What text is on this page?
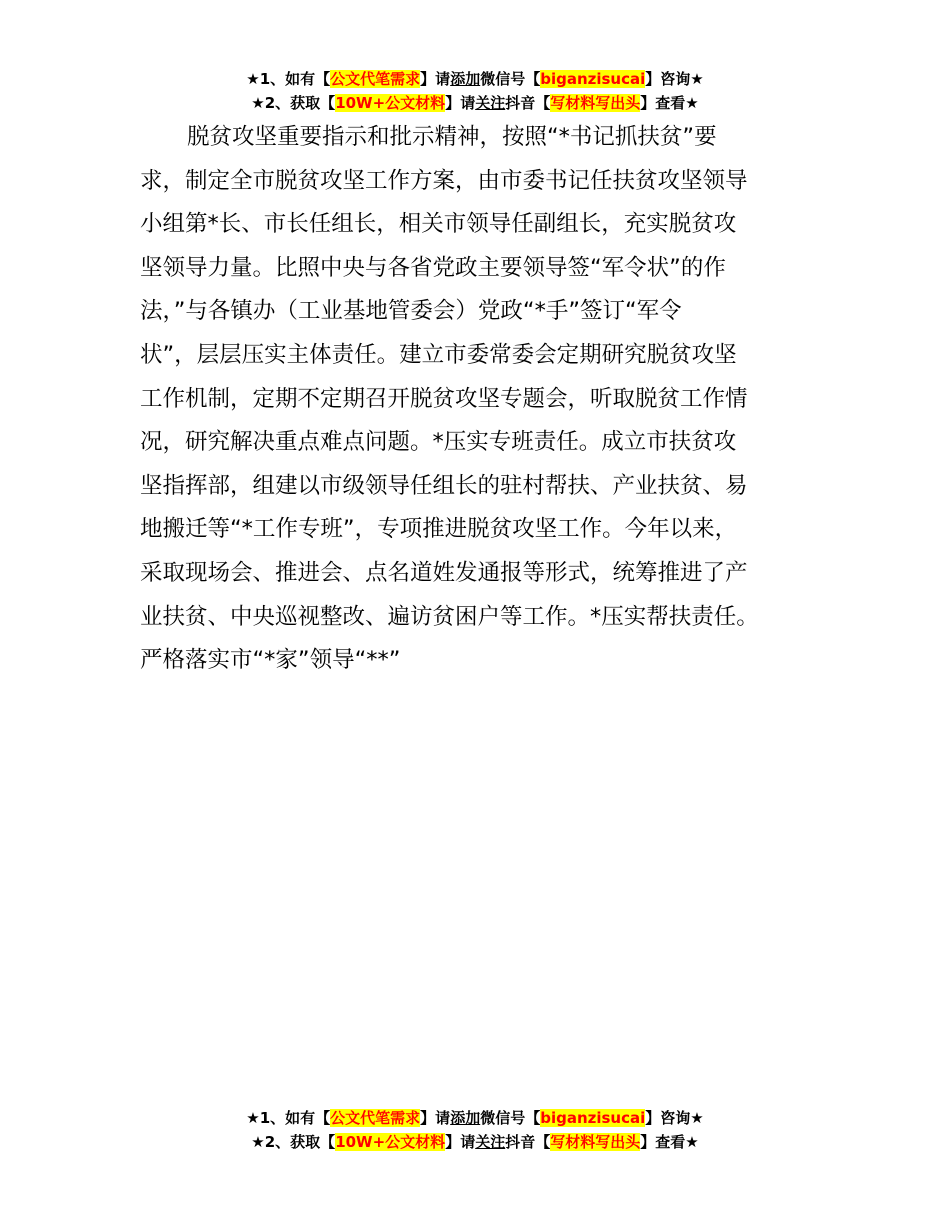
★1、如有【公文代笔需求】请添加微信号【biganzisucai】咨询★
★2、获取【10W+公文材料】请关注抖音【写材料写出头】查看★
脱贫攻坚重要指示和批示精神，按照“*书记抓扶贫”要
求，制定全市脱贫攻坚工作方案，由市委书记任扶贫攻坚领导
小组第*长、市长任组长，相关市领导任副组长，充实脱贫攻
坚领导力量。比照中央与各省党政主要领导签“军令状”的作
法，”与各镇办（工业基地管委会）党政“*手”签订“军令
状”，层层压实主体责任。建立市委常委会定期研究脱贫攻坚
工作机制，定期不定期召开脱贫攻坚专题会，听取脱贫工作情
况，研究解决重点难点问题。*压实专班责任。成立市扶贫攻
坚指挥部，组建以市级领导任组长的驻村帮扶、产业扶贫、易
地搬迁等“*工作专班”，专项推进脱贫攻坚工作。今年以来，
采取现场会、推进会、点名道姓发通报等形式，统筹推进了产
业扶贫、中央巡视整改、遍访贫困户等工作。*压实帮扶责任。
严格落实市“*家”领导“**”
★1、如有【公文代笔需求】请添加微信号【biganzisucai】咨询★
★2、获取【10W+公文材料】请关注抖音【写材料写出头】查看★
